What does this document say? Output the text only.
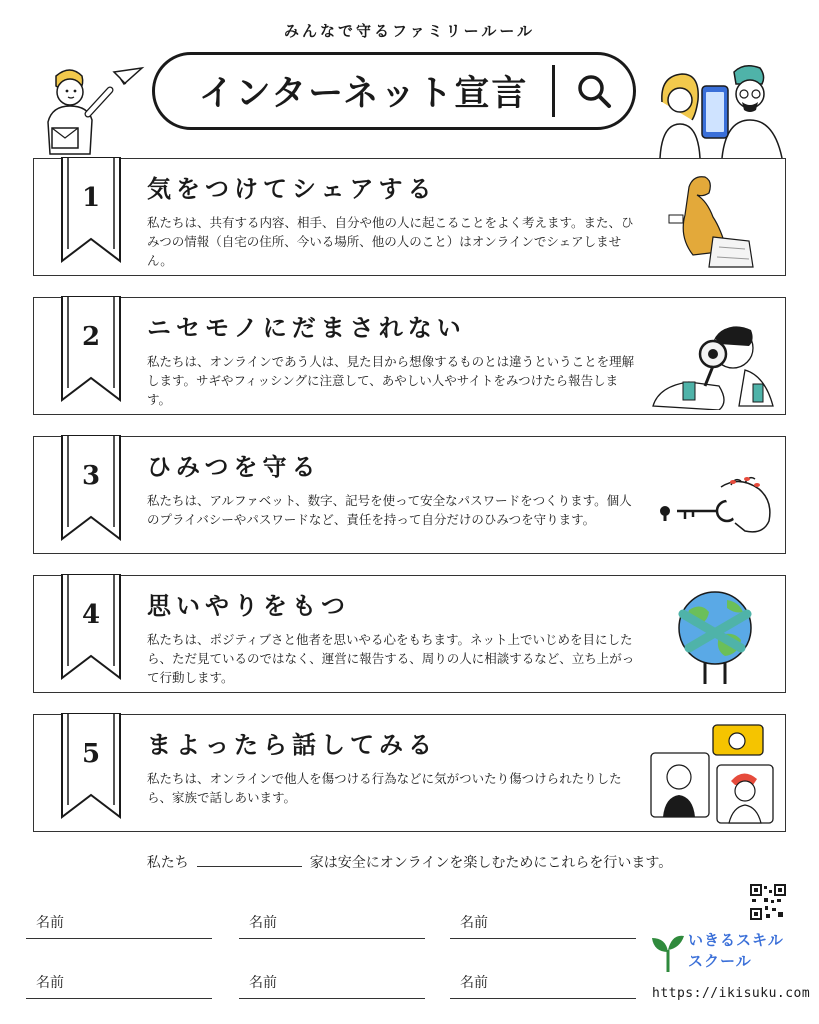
みんなで守るファミリールール
インターネット宣言
1	気をつけてシェアする
私たちは、共有する内容、相手、自分や他の人に起こることをよく考えます。また、ひみつの情報（自宅の住所、今いる場所、他の人のこと）はオンラインでシェアしません。
2	ニセモノにだまされない
私たちは、オンラインであう人は、見た目から想像するものとは違うということを理解します。サギやフィッシングに注意して、あやしい人やサイトをみつけたら報告します。
3	ひみつを守る
私たちは、アルファベット、数字、記号を使って安全なパスワードをつくります。個人のプライバシーやパスワードなど、責任を持って自分だけのひみつを守ります。
4	思いやりをもつ
私たちは、ポジティブさと他者を思いやる心をもちます。ネット上でいじめを目にしたら、ただ見ているのではなく、運営に報告する、周りの人に相談するなど、立ち上がって行動します。
5	まよったら話してみる
私たちは、オンラインで他人を傷つける行為などに気がついたり傷つけられたりしたら、家族で話しあいます。
私たち	家は安全にオンラインを楽しむためにこれらを行います。
名前	名前	名前
名前	名前	名前
いきるスキル
スクール
https://ikisuku.com
